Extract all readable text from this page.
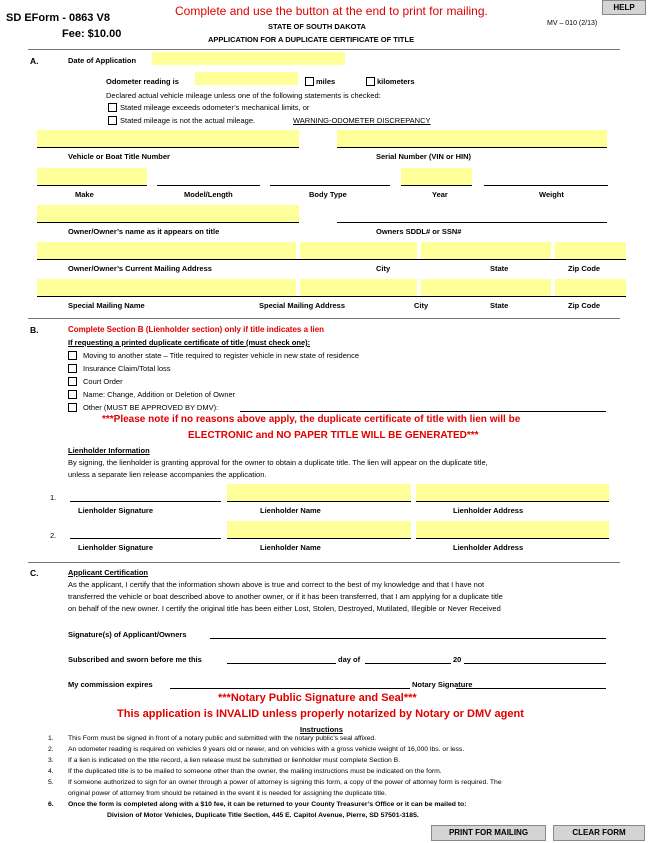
SD EForm - 0863 V8
Fee: $10.00
Complete and use the button at the end to print for mailing.
STATE OF SOUTH DAKOTA
APPLICATION FOR A DUPLICATE CERTIFICATE OF TITLE
MV – 010 (2/13)
HELP
A.	Date of Application
Odometer reading is	miles	kilometers
Declared actual vehicle mileage unless one of the following statements is checked:
Stated mileage exceeds odometer’s mechanical limits, or
Stated mileage is not the actual mileage.	WARNING-ODOMETER DISCREPANCY
Vehicle or Boat Title Number	Serial Number (VIN or HIN)
Make	Model/Length	Body Type	Year	Weight
Owner/Owner’s name as it appears on title	Owners SDDL# or SSN#
Owner/Owner’s Current Mailing Address	City	State	Zip Code
Special Mailing Name	Special Mailing Address	City	State	Zip Code
B.	Complete Section B (Lienholder section) only if title indicates a lien
If requesting a printed duplicate certificate of title (must check one):
Moving to another state – Title required to register vehicle in new state of residence
Insurance Claim/Total loss
Court Order
Name: Change, Addition or Deletion of Owner
Other (MUST BE APPROVED BY DMV):
***Please note if no reasons above apply, the duplicate certificate of title with lien will be
ELECTRONIC and NO PAPER TITLE WILL BE GENERATED***
Lienholder Information
By signing, the lienholder is granting approval for the owner to obtain a duplicate title. The lien will appear on the duplicate title,
unless a separate lien release accompanies the application.
1.
Lienholder Signature	Lienholder Name	Lienholder Address
2.
Lienholder Signature	Lienholder Name	Lienholder Address
C.	Applicant Certification
As the applicant, I certify that the information shown above is true and correct to the best of my knowledge and that I have not
transferred the vehicle or boat described above to another owner, or if it has been transferred, that I am applying for a duplicate title
on behalf of the new owner. I certify the original title has been either Lost, Stolen, Destroyed, Mutilated, Illegible or Never Received
Signature(s) of Applicant/Owners
Subscribed and sworn before me this	day of	20
My commission expires	Notary Signature
***Notary Public Signature and Seal***
This application is INVALID unless properly notarized by Notary or DMV agent
Instructions
1. This Form must be signed in front of a notary public and submitted with the notary public’s seal affixed.
2. An odometer reading is required on vehicles 9 years old or newer, and on vehicles with a gross vehicle weight of 16,000 lbs. or less.
3. If a lien is indicated on the title record, a lien release must be submitted or lienholder must complete Section B.
4. If the duplicated title is to be mailed to someone other than the owner, the mailing instructions must be indicated on the form.
5. If someone authorized to sign for an owner through a power of attorney is signing this form, a copy of the power of attorney form is required. The
original power of attorney from should be retained in the event it is needed for assigning the duplicate title.
6. Once the form is completed along with a $10 fee, it can be returned to your County Treasurer’s Office or it can be mailed to:
Division of Motor Vehicles, Duplicate Title Section, 445 E. Capitol Avenue, Pierre, SD 57501-3185.
PRINT FOR MAILING	CLEAR FORM
